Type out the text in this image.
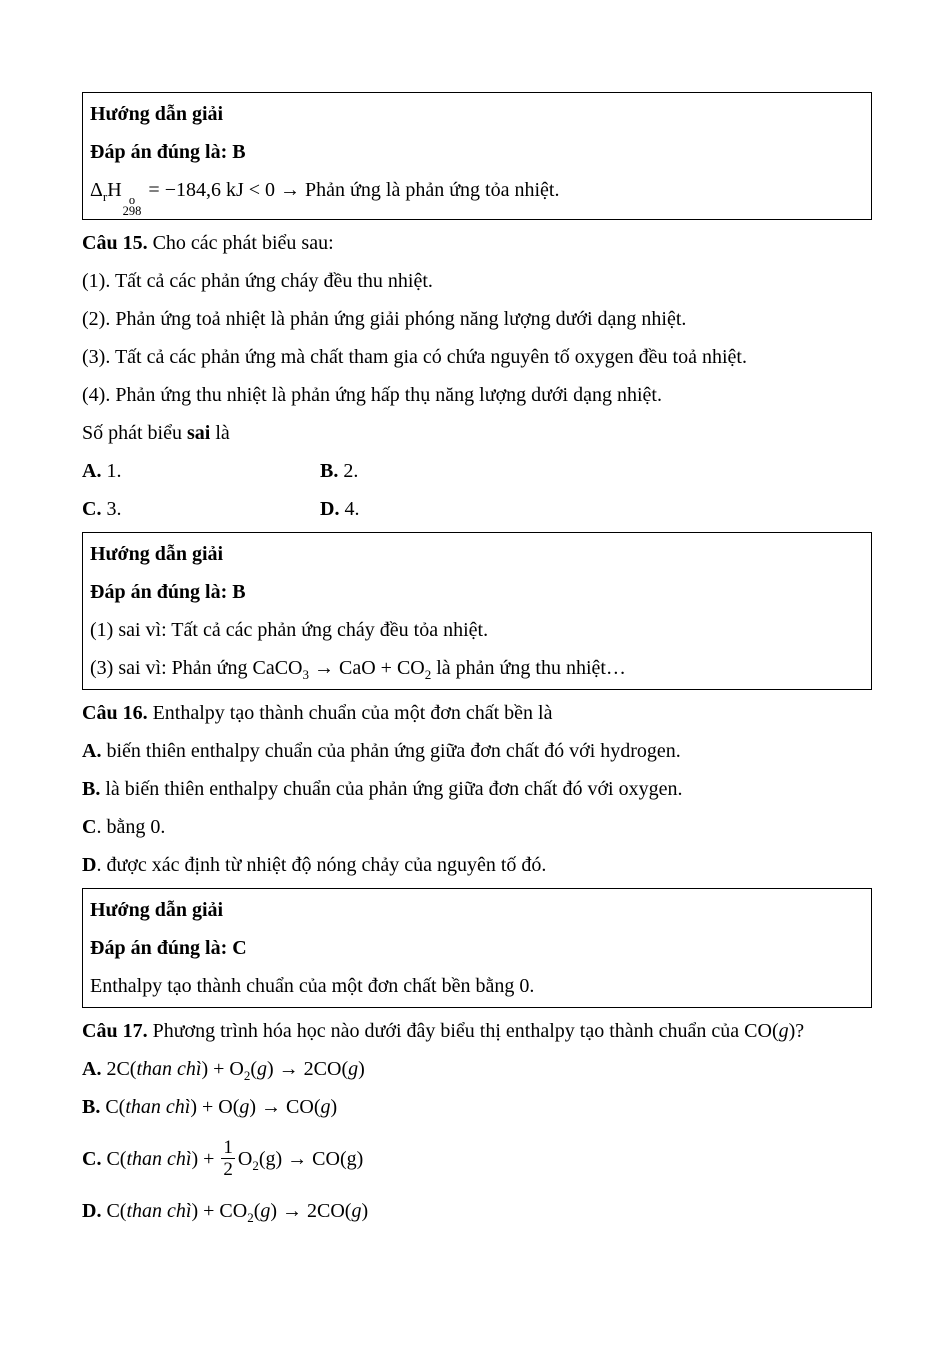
Hướng dẫn giải

Đáp án đúng là: B

$\Delta_rH$ o
298
= −184,6 kJ < 0 → Phản ứng là phản ứng tỏa nhiệt.

Câu 15. Cho các phát biểu sau:

(1). Tất cả các phản ứng cháy đều thu nhiệt.

(2). Phản ứng toả nhiệt là phản ứng giải phóng năng lượng dưới dạng nhiệt.

(3). Tất cả các phản ứng mà chất tham gia có chứa nguyên tố oxygen đều toả nhiệt.

(4). Phản ứng thu nhiệt là phản ứng hấp thụ năng lượng dưới dạng nhiệt.

Số phát biểu sai là

A. 1.	B. 2.

C. 3.	D. 4.

Hướng dẫn giải

Đáp án đúng là: B

(1) sai vì: Tất cả các phản ứng cháy đều tỏa nhiệt.

(3) sai vì: Phản ứng CaCO$_3$ → CaO + $CO_2$ là phản ứng thu nhiệt…

Câu 16. Enthalpy tạo thành chuẩn của một đơn chất bền là

A. biến thiên enthalpy chuẩn của phản ứng giữa đơn chất đó với hydrogen.

B. là biến thiên enthalpy chuẩn của phản ứng giữa đơn chất đó với oxygen.

C. bằng 0.

D. được xác định từ nhiệt độ nóng chảy của nguyên tố đó.

Hướng dẫn giải

Đáp án đúng là: C

Enthalpy tạo thành chuẩn của một đơn chất bền bằng 0.

Câu 17. Phương trình hóa học nào dưới đây biểu thị enthalpy tạo thành chuẩn của CO(g)?

A. 2C(than chì) + $O_2(g) \to 2CO(g)$

B. C(than chì) + O(g) → CO(g)

C. C(than chì) + $\frac{1}{2} O_2(g) \to CO(g)$

D. C(than chì) + $CO_2(g) \to 2CO(g)$
